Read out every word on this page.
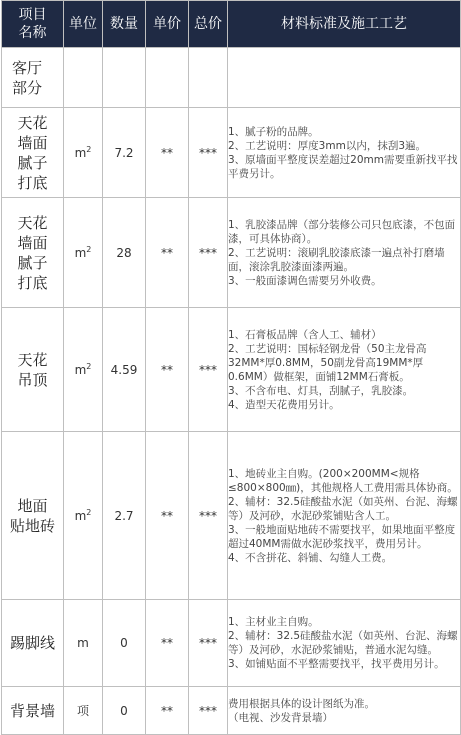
项目
名称	单位	数量	单价	总价	材料标准及施工工艺
客厅
部分					
天花
墙面
腻子
打底	$m^2$	7.2	**	***	1、腻子粉的品牌。
2、工艺说明：厚度3mm以内，抹刮3遍。
3、原墙面平整度误差超过20mm需要重新找平找平费另计。

天花
墙面
腻子
打底	$m^2$	28	**	***	1、乳胶漆品牌（部分装修公司只包底漆，不包面漆，可具体协商）。
2、工艺说明：滚刷乳胶漆底漆一遍点补打磨墙面，滚涂乳胶漆面漆两遍。
3、一般面漆调色需要另外收费。

天花
吊顶	$m^2$	4.59	**	***	1、石膏板品牌（含人工、辅材）
2、工艺说明：国标轻钢龙骨（50主龙骨高32MM*厚0.8MM，50副龙骨高19MM*厚0.6MM）做框架，面铺12MM石膏板。
3、不含布电、灯具，刮腻子，乳胶漆。
4、造型天花费用另计。

地面
贴地砖	$m^2$	2.7	**	***	1、地砖业主自购。(200×200MM<规格≤800×800㎜)，其他规格人工费用需具体协商。
2、辅材：32.5硅酸盐水泥（如英州、台泥、海螺等）及河砂，水泥砂浆铺贴含人工。
3、一般地面贴地砖不需要找平，如果地面平整度超过40MM需做水泥砂浆找平，费用另计。
4、不含拼花、斜铺、勾缝人工费。

踢脚线	m	0	**	***	1、主材业主自购。
2、辅材：32.5硅酸盐水泥（如英州、台泥、海螺等）及河砂，水泥砂浆铺贴，普通水泥勾缝。
3、如铺贴面不平整需要找平，找平费用另计。

背景墙	项	0	**	***	费用根据具体的设计图纸为准。
（电视、沙发背景墙）
